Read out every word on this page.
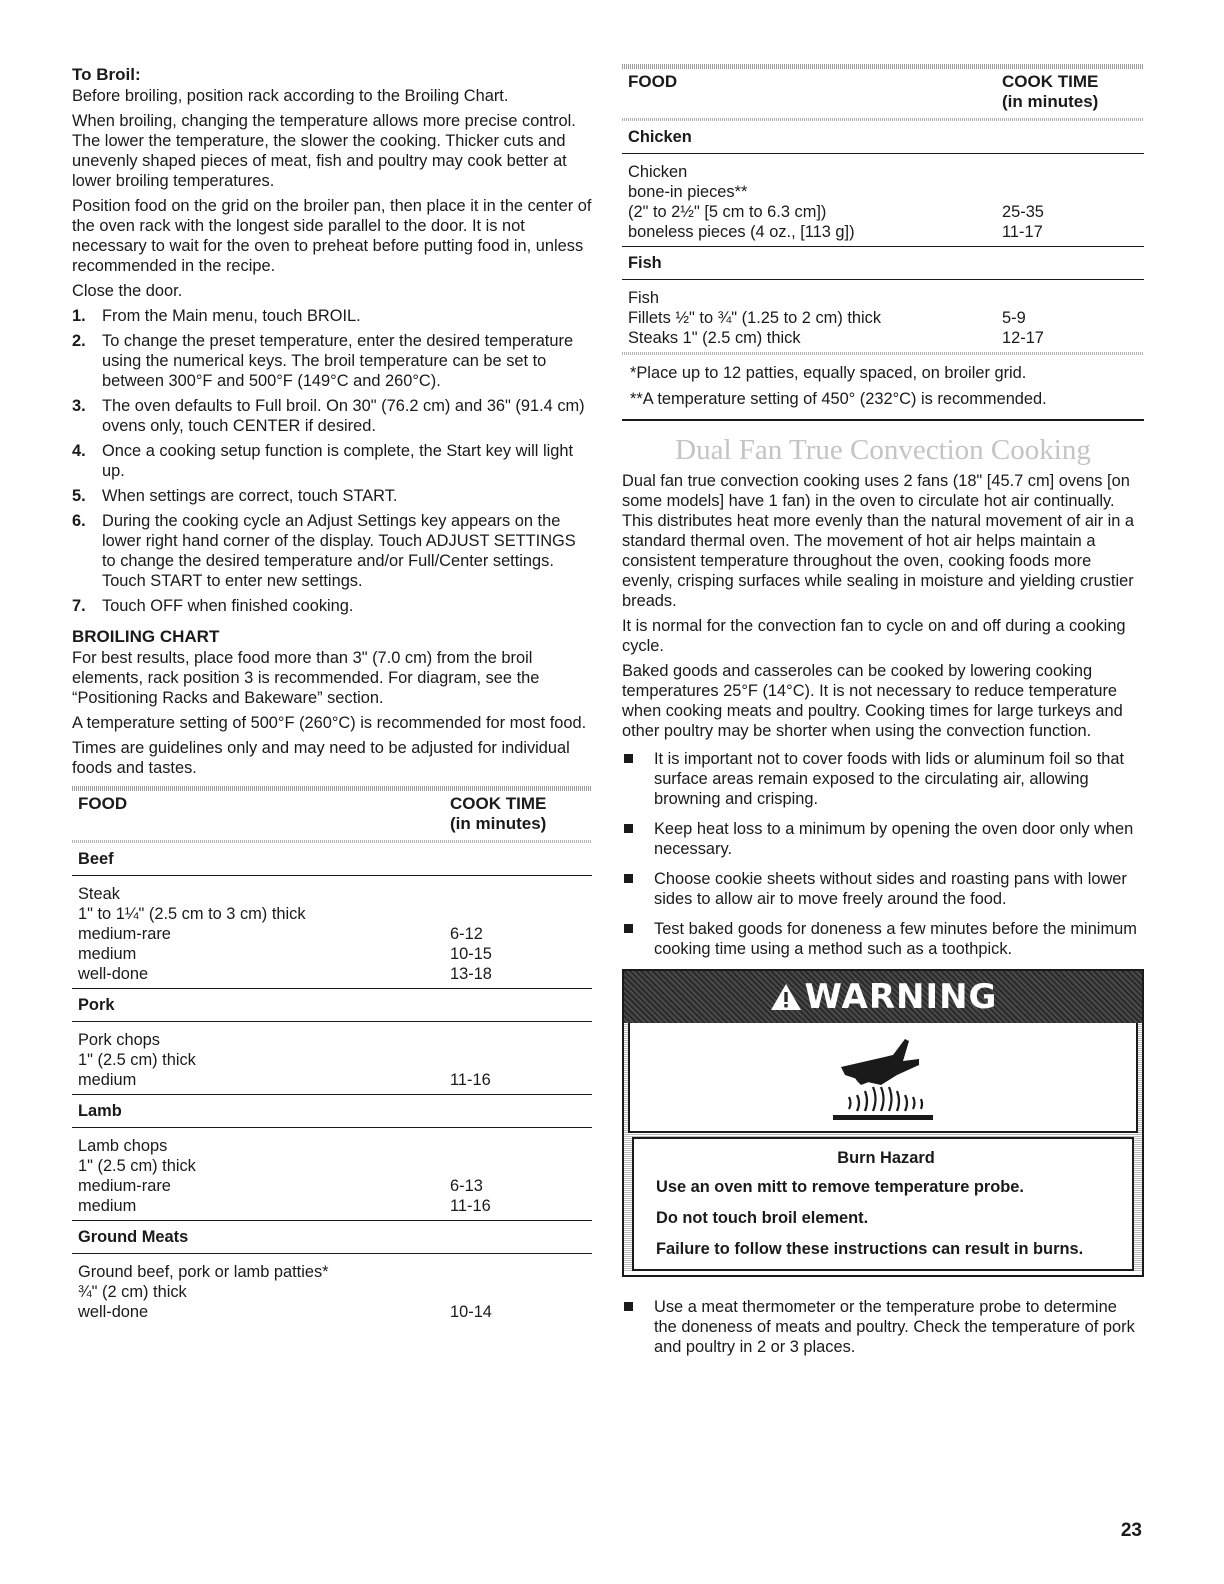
To Broil:

Before broiling, position rack according to the Broiling Chart.

When broiling, changing the temperature allows more precise control. The lower the temperature, the slower the cooking. Thicker cuts and unevenly shaped pieces of meat, fish and poultry may cook better at lower broiling temperatures.

Position food on the grid on the broiler pan, then place it in the center of the oven rack with the longest side parallel to the door. It is not necessary to wait for the oven to preheat before putting food in, unless recommended in the recipe.

Close the door.

1. From the Main menu, touch BROIL.
2. To change the preset temperature, enter the desired temperature using the numerical keys. The broil temperature can be set to between 300°F and 500°F (149°C and 260°C).
3. The oven defaults to Full broil. On 30" (76.2 cm) and 36" (91.4 cm) ovens only, touch CENTER if desired.
4. Once a cooking setup function is complete, the Start key will light up.
5. When settings are correct, touch START.
6. During the cooking cycle an Adjust Settings key appears on the lower right hand corner of the display. Touch ADJUST SETTINGS to change the desired temperature and/or Full/Center settings. Touch START to enter new settings.
7. Touch OFF when finished cooking.
BROILING CHART

For best results, place food more than 3" (7.0 cm) from the broil elements, rack position 3 is recommended. For diagram, see the “Positioning Racks and Bakeware” section.

A temperature setting of 500°F (260°C) is recommended for most food.

Times are guidelines only and may need to be adjusted for individual foods and tastes.

FOOD	COOK TIME
(in minutes)
Beef
Steak
1" to 1¼" (2.5 cm to 3 cm) thick
medium-rare	6-12
medium	10-15
well-done	13-18
Pork
Pork chops
1" (2.5 cm) thick
medium	11-16
Lamb
Lamb chops
1" (2.5 cm) thick
medium-rare	6-13
medium	11-16
Ground Meats
Ground beef, pork or lamb patties*
¾" (2 cm) thick
well-done	10-14
FOOD	COOK TIME
(in minutes)
Chicken
Chicken
bone-in pieces**
(2" to 2½" [5 cm to 6.3 cm])	25-35
boneless pieces (4 oz., [113 g])	11-17
Fish
Fish
Fillets ½" to ¾" (1.25 to 2 cm) thick	5-9
Steaks 1" (2.5 cm) thick	12-17

*Place up to 12 patties, equally spaced, on broiler grid.

**A temperature setting of 450° (232°C) is recommended.

Dual Fan True Convection Cooking

Dual fan true convection cooking uses 2 fans (18" [45.7 cm] ovens [on some models] have 1 fan) in the oven to circulate hot air continually. This distributes heat more evenly than the natural movement of air in a standard thermal oven. The movement of hot air helps maintain a consistent temperature throughout the oven, cooking foods more evenly, crisping surfaces while sealing in moisture and yielding crustier breads.

It is normal for the convection fan to cycle on and off during a cooking cycle.

Baked goods and casseroles can be cooked by lowering cooking temperatures 25°F (14°C). It is not necessary to reduce temperature when cooking meats and poultry. Cooking times for large turkeys and other poultry may be shorter when using the convection function.

It is important not to cover foods with lids or aluminum foil so that surface areas remain exposed to the circulating air, allowing browning and crisping.
Keep heat loss to a minimum by opening the oven door only when necessary.
Choose cookie sheets without sides and roasting pans with lower sides to allow air to move freely around the food.
Test baked goods for doneness a few minutes before the minimum cooking time using a method such as a toothpick.
WARNING
Burn Hazard
Use an oven mitt to remove temperature probe.
Do not touch broil element.
Failure to follow these instructions can result in burns.
Use a meat thermometer or the temperature probe to determine the doneness of meats and poultry. Check the temperature of pork and poultry in 2 or 3 places.
23
